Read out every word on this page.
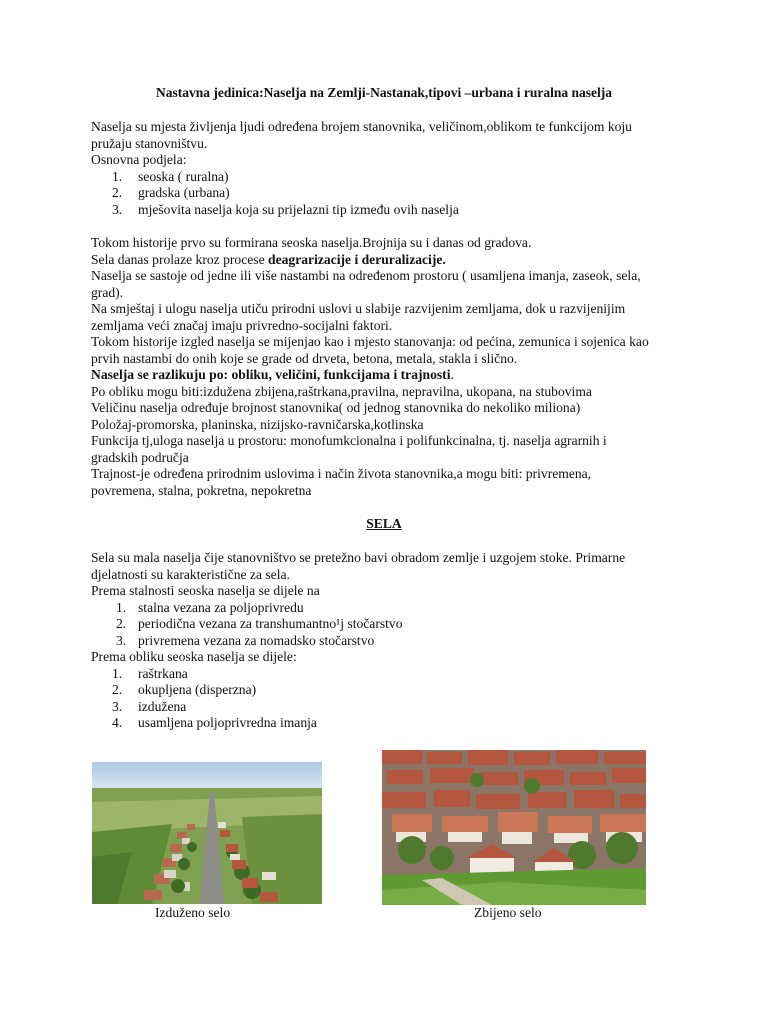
Nastavna jedinica:Naselja na Zemlji-Nastanak,tipovi –urbana i ruralna naselja
Naselja su mjesta življenja ljudi određena brojem stanovnika, veličinom,oblikom te funkcijom koju
pružaju stanovništvu.
Osnovna podjela:
1. seoska ( ruralna)
2. gradska (urbana)
3. mješovita naselja koja su prijelazni tip između ovih naselja
Tokom historije prvo su formirana seoska naselja.Brojnija su i danas od gradova.
Sela danas prolaze kroz procese deagrarizacije i deruralizacije.
Naselja se sastoje od jedne ili više nastambi na određenom prostoru ( usamljena imanja, zaseok, sela,
grad).
Na smještaj i ulogu naselja utiču prirodni uslovi u slabije razvijenim zemljama, dok u razvijenijim
zemljama veći značaj imaju privredno-socijalni faktori.
Tokom historije izgled naselja se mijenjao kao i mjesto stanovanja: od pećina, zemunica i sojenica kao
prvih nastambi do onih koje se grade od drveta, betona, metala, stakla i slično.
Naselja se razlikuju po: obliku, veličini, funkcijama i trajnosti.
Po obliku mogu biti:izdužena zbijena,raštrkana,pravilna, nepravilna, ukopana, na stubovima
Veličinu naselja određuje brojnost stanovnika( od jednog stanovnika do nekoliko miliona)
Položaj-promorska, planinska, nizijsko-ravničarska,kotlinska
Funkcija tj,uloga naselja u prostoru: monofumkcionalna i polifunkcinalna, tj. naselja agrarnih i
gradskih područja
Trajnost-je određena prirodnim uslovima i način života stanovnika,a mogu biti: privremena,
povremena, stalna, pokretna, nepokretna
SELA
Sela su mala naselja čije stanovništvo se pretežno bavi obradom zemlje i uzgojem stoke. Primarne
djelatnosti su karakteristične za sela.
Prema stalnosti seoska naselja se dijele na
1. stalna vezana za poljoprivredu
2. periodična vezana za transhumantno¹j stočarstvo
3. privremena vezana za nomadsko stočarstvo
Prema obliku seoska naselja se dijele:
1. raštrkana
2. okupljena (disperzna)
3. izdužena
4. usamljena poljoprivredna imanja
Izduženo selo	Zbijeno selo
